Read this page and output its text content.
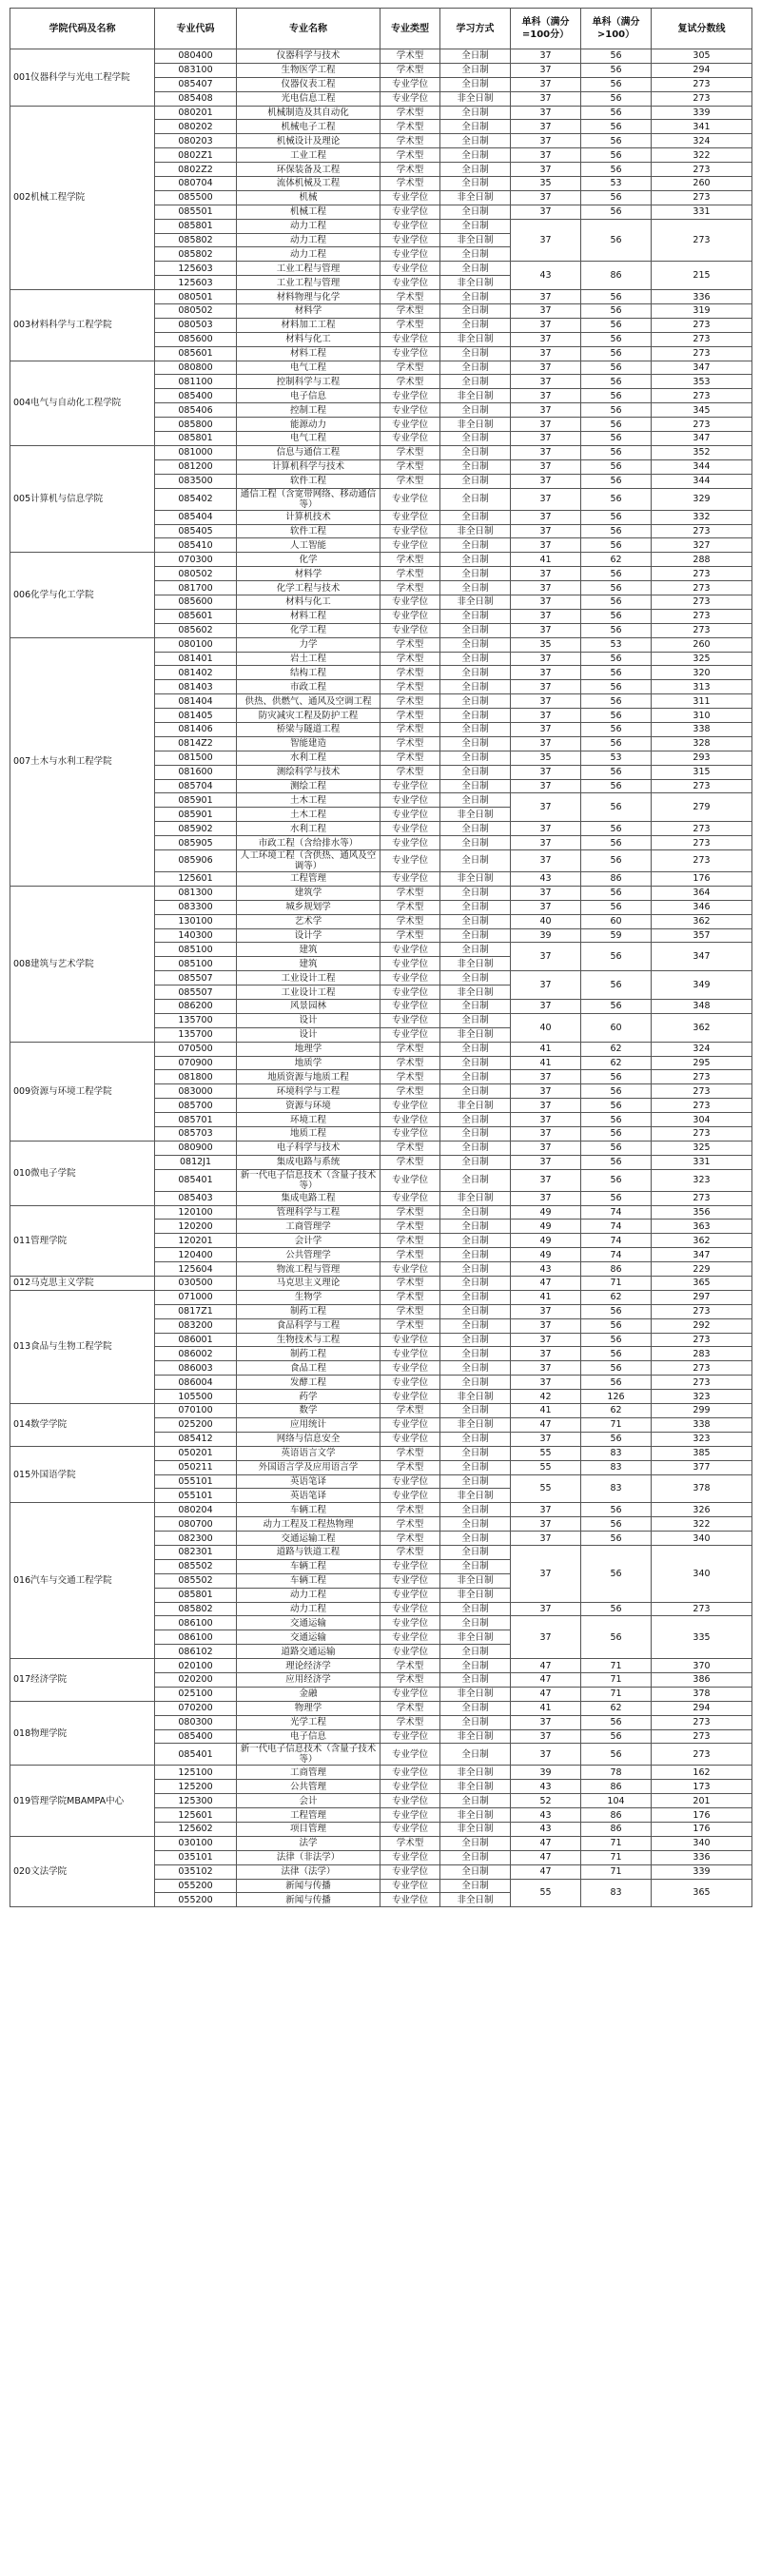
学院代码及名称	专业代码	专业名称	专业类型	学习方式	单科（满分=100分）	单科（满分>100）	复试分数线
001仪器科学与光电工程学院	080400	仪器科学与技术	学术型	全日制	37	56	305
	083100	生物医学工程	学术型	全日制	37	56	294
	085407	仪器仪表工程	专业学位	全日制	37	56	273
	085408	光电信息工程	专业学位	非全日制	37	56	273
002机械工程学院	080201	机械制造及其自动化	学术型	全日制	37	56	339
	080202	机械电子工程	学术型	全日制	37	56	341
	080203	机械设计及理论	学术型	全日制	37	56	324
	0802Z1	工业工程	学术型	全日制	37	56	322
	0802Z2	环保装备及工程	学术型	全日制	37	56	273
	080704	流体机械及工程	学术型	全日制	35	53	260
	085500	机械	专业学位	非全日制	37	56	273
	085501	机械工程	专业学位	全日制	37	56	331
	085801	动力工程	专业学位	全日制	37	56	273
	085802	动力工程	专业学位	非全日制			
	085802	动力工程	专业学位	全日制			
	125603	工业工程与管理	专业学位	全日制	43	86	215
	125603	工业工程与管理	专业学位	非全日制			
003材料科学与工程学院	080501	材料物理与化学	学术型	全日制	37	56	336
	080502	材料学	学术型	全日制	37	56	319
	080503	材料加工工程	学术型	全日制	37	56	273
	085600	材料与化工	专业学位	非全日制	37	56	273
	085601	材料工程	专业学位	全日制	37	56	273
004电气与自动化工程学院	080800	电气工程	学术型	全日制	37	56	347
	081100	控制科学与工程	学术型	全日制	37	56	353
	085400	电子信息	专业学位	非全日制	37	56	273
	085406	控制工程	专业学位	全日制	37	56	345
	085800	能源动力	专业学位	非全日制	37	56	273
	085801	电气工程	专业学位	全日制	37	56	347
005计算机与信息学院	081000	信息与通信工程	学术型	全日制	37	56	352
	081200	计算机科学与技术	学术型	全日制	37	56	344
	083500	软件工程	学术型	全日制	37	56	344
	085402	通信工程（含宽带网络、移动通信等）	专业学位	全日制	37	56	329
	085404	计算机技术	专业学位	全日制	37	56	332
	085405	软件工程	专业学位	非全日制	37	56	273
	085410	人工智能	专业学位	全日制	37	56	327
006化学与化工学院	070300	化学	学术型	全日制	41	62	288
	080502	材料学	学术型	全日制	37	56	273
	081700	化学工程与技术	学术型	全日制	37	56	273
	085600	材料与化工	专业学位	非全日制	37	56	273
	085601	材料工程	专业学位	全日制	37	56	273
	085602	化学工程	专业学位	全日制	37	56	273
007土木与水利工程学院	080100	力学	学术型	全日制	35	53	260
	081401	岩土工程	学术型	全日制	37	56	325
	081402	结构工程	学术型	全日制	37	56	320
	081403	市政工程	学术型	全日制	37	56	313
	081404	供热、供燃气、通风及空调工程	学术型	全日制	37	56	311
	081405	防灾减灾工程及防护工程	学术型	全日制	37	56	310
	081406	桥梁与隧道工程	学术型	全日制	37	56	338
	0814Z2	智能建造	学术型	全日制	37	56	328
	081500	水利工程	学术型	全日制	35	53	293
	081600	测绘科学与技术	学术型	全日制	37	56	315
	085704	测绘工程	专业学位	全日制	37	56	273
	085901	土木工程	专业学位	全日制	37	56	279
	085901	土木工程	专业学位	非全日制			
	085902	水利工程	专业学位	全日制	37	56	273
	085905	市政工程（含给排水等）	专业学位	全日制	37	56	273
	085906	人工环境工程（含供热、通风及空调等）	专业学位	全日制	37	56	273
	125601	工程管理	专业学位	非全日制	43	86	176
008建筑与艺术学院	081300	建筑学	学术型	全日制	37	56	364
	083300	城乡规划学	学术型	全日制	37	56	346
	130100	艺术学	学术型	全日制	40	60	362
	140300	设计学	学术型	全日制	39	59	357
	085100	建筑	专业学位	全日制	37	56	347
	085100	建筑	专业学位	非全日制			
	085507	工业设计工程	专业学位	全日制	37	56	349
	085507	工业设计工程	专业学位	非全日制			
	086200	风景园林	专业学位	全日制	37	56	348
	135700	设计	专业学位	全日制	40	60	362
	135700	设计	专业学位	非全日制			
009资源与环境工程学院	070500	地理学	学术型	全日制	41	62	324
	070900	地质学	学术型	全日制	41	62	295
	081800	地质资源与地质工程	学术型	全日制	37	56	273
	083000	环境科学与工程	学术型	全日制	37	56	273
	085700	资源与环境	专业学位	非全日制	37	56	273
	085701	环境工程	专业学位	全日制	37	56	304
	085703	地质工程	专业学位	全日制	37	56	273
010微电子学院	080900	电子科学与技术	学术型	全日制	37	56	325
	0812J1	集成电路与系统	学术型	全日制	37	56	331
	085401	新一代电子信息技术（含量子技术等）	专业学位	全日制	37	56	323
	085403	集成电路工程	专业学位	非全日制	37	56	273
011管理学院	120100	管理科学与工程	学术型	全日制	49	74	356
	120200	工商管理学	学术型	全日制	49	74	363
	120201	会计学	学术型	全日制	49	74	362
	120400	公共管理学	学术型	全日制	49	74	347
	125604	物流工程与管理	专业学位	全日制	43	86	229
012马克思主义学院	030500	马克思主义理论	学术型	全日制	47	71	365
013食品与生物工程学院	071000	生物学	学术型	全日制	41	62	297
	0817Z1	制药工程	学术型	全日制	37	56	273
	083200	食品科学与工程	学术型	全日制	37	56	292
	086001	生物技术与工程	专业学位	全日制	37	56	273
	086002	制药工程	专业学位	全日制	37	56	283
	086003	食品工程	专业学位	全日制	37	56	273
	086004	发酵工程	专业学位	全日制	37	56	273
	105500	药学	专业学位	非全日制	42	126	323
014数学学院	070100	数学	学术型	全日制	41	62	299
	025200	应用统计	专业学位	非全日制	47	71	338
	085412	网络与信息安全	专业学位	全日制	37	56	323
015外国语学院	050201	英语语言文学	学术型	全日制	55	83	385
	050211	外国语言学及应用语言学	学术型	全日制	55	83	377
	055101	英语笔译	专业学位	全日制	55	83	378
	055101	英语笔译	专业学位	非全日制			
016汽车与交通工程学院	080204	车辆工程	学术型	全日制	37	56	326
	080700	动力工程及工程热物理	学术型	全日制	37	56	322
	082300	交通运输工程	学术型	全日制	37	56	340
	082301	道路与铁道工程	学术型	全日制	37	56	340
	085502	车辆工程	专业学位	全日制			
	085502	车辆工程	专业学位	非全日制			
	085801	动力工程	专业学位	非全日制			
	085802	动力工程	专业学位	全日制	37	56	273
	086100	交通运输	专业学位	全日制	37	56	335
	086100	交通运输	专业学位	非全日制			
	086102	道路交通运输	专业学位	全日制			
017经济学院	020100	理论经济学	学术型	全日制	47	71	370
	020200	应用经济学	学术型	全日制	47	71	386
	025100	金融	专业学位	非全日制	47	71	378
018物理学院	070200	物理学	学术型	全日制	41	62	294
	080300	光学工程	学术型	全日制	37	56	273
	085400	电子信息	专业学位	非全日制	37	56	273
	085401	新一代电子信息技术（含量子技术等）	专业学位	全日制	37	56	273
019管理学院MBAMPA中心	125100	工商管理	专业学位	非全日制	39	78	162
	125200	公共管理	专业学位	非全日制	43	86	173
	125300	会计	专业学位	全日制	52	104	201
	125601	工程管理	专业学位	非全日制	43	86	176
	125602	项目管理	专业学位	非全日制	43	86	176
020文法学院	030100	法学	学术型	全日制	47	71	340
	035101	法律（非法学）	专业学位	全日制	47	71	336
	035102	法律（法学）	专业学位	全日制	47	71	339
	055200	新闻与传播	专业学位	全日制	55	83	365
	055200	新闻与传播	专业学位	非全日制			
